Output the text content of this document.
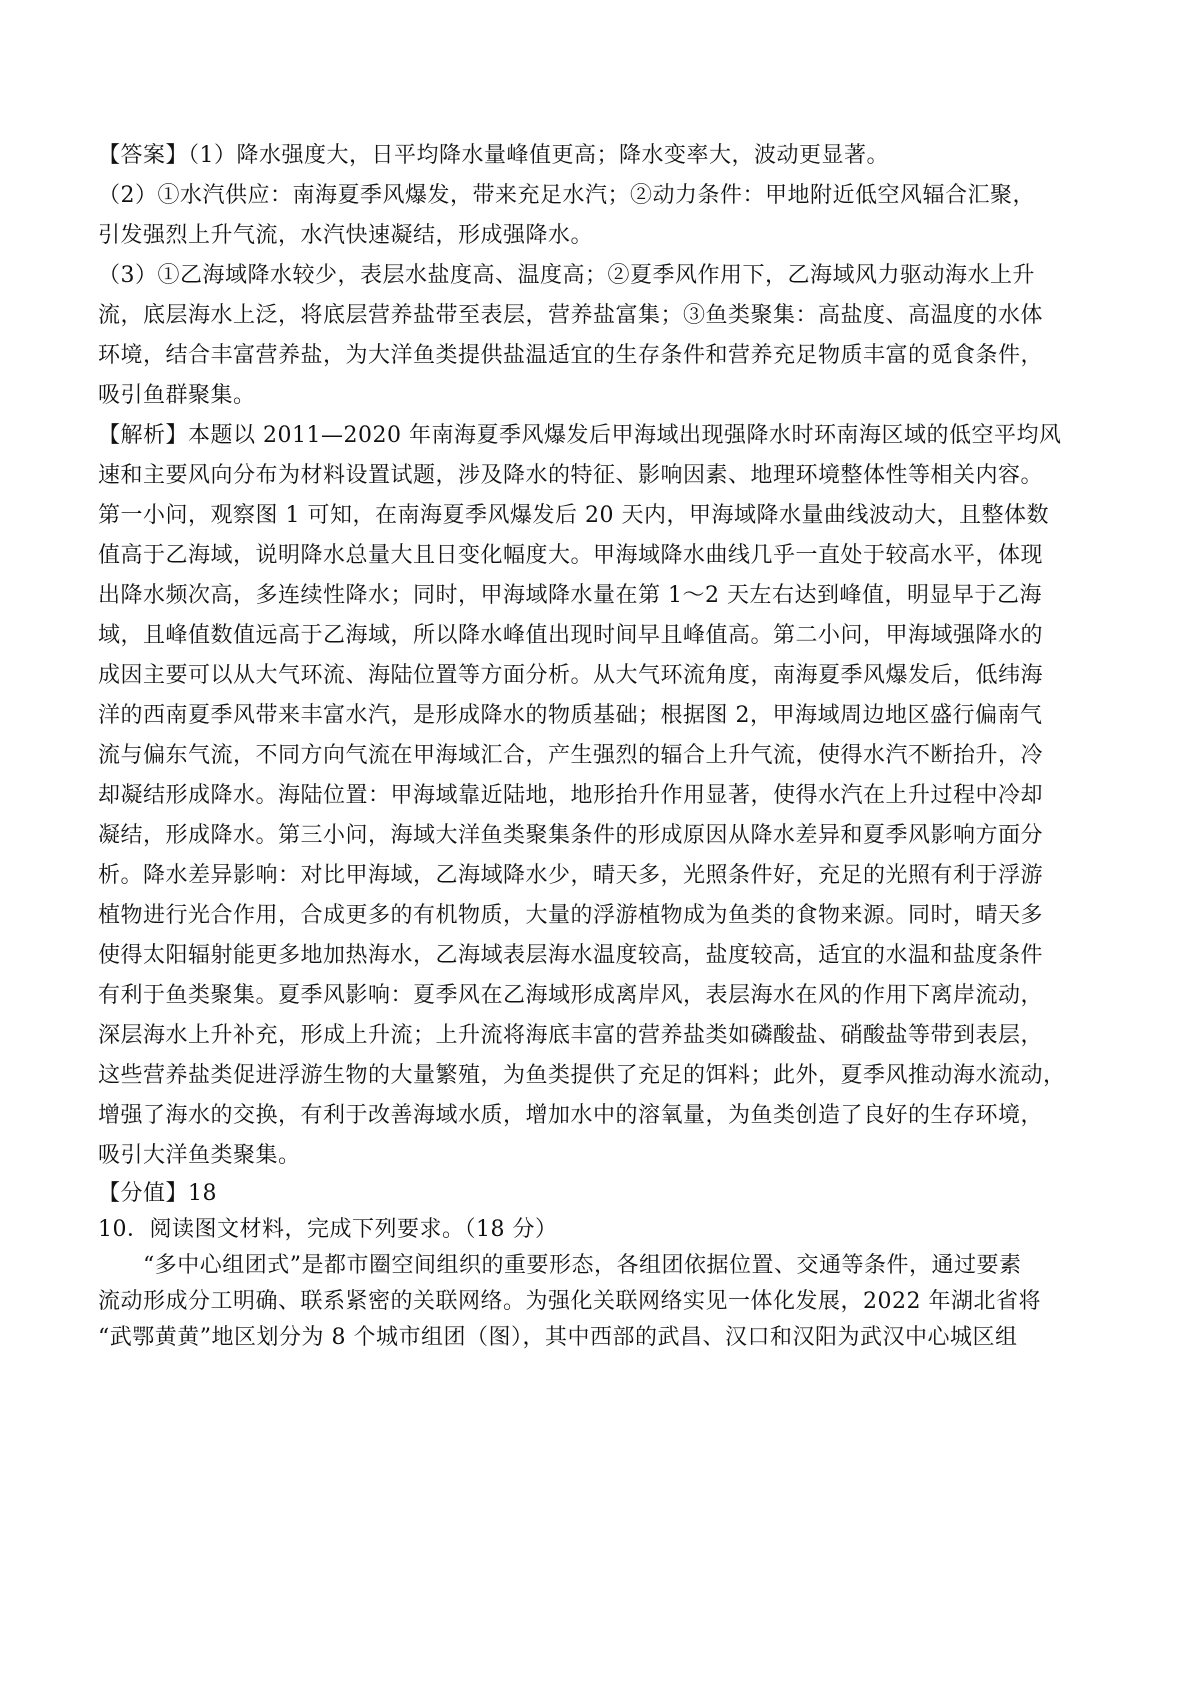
【答案】（1）降水强度大，日平均降水量峰值更高；降水变率大，波动更显著。
（2）①水汽供应：南海夏季风爆发，带来充足水汽；②动力条件：甲地附近低空风辐合汇聚，
引发强烈上升气流，水汽快速凝结，形成强降水。
（3）①乙海域降水较少，表层水盐度高、温度高；②夏季风作用下，乙海域风力驱动海水上升
流，底层海水上泛，将底层营养盐带至表层，营养盐富集；③鱼类聚集：高盐度、高温度的水体
环境，结合丰富营养盐，为大洋鱼类提供盐温适宜的生存条件和营养充足物质丰富的觅食条件，
吸引鱼群聚集。
【解析】本题以 2011—2020 年南海夏季风爆发后甲海域出现强降水时环南海区域的低空平均风
速和主要风向分布为材料设置试题，涉及降水的特征、影响因素、地理环境整体性等相关内容。
第一小问，观察图 1 可知，在南海夏季风爆发后 20 天内，甲海域降水量曲线波动大，且整体数
值高于乙海域，说明降水总量大且日变化幅度大。甲海域降水曲线几乎一直处于较高水平，体现
出降水频次高，多连续性降水；同时，甲海域降水量在第 1～2 天左右达到峰值，明显早于乙海
域，且峰值数值远高于乙海域，所以降水峰值出现时间早且峰值高。第二小问，甲海域强降水的
成因主要可以从大气环流、海陆位置等方面分析。从大气环流角度，南海夏季风爆发后，低纬海
洋的西南夏季风带来丰富水汽，是形成降水的物质基础；根据图 2，甲海域周边地区盛行偏南气
流与偏东气流，不同方向气流在甲海域汇合，产生强烈的辐合上升气流，使得水汽不断抬升，冷
却凝结形成降水。海陆位置：甲海域靠近陆地，地形抬升作用显著，使得水汽在上升过程中冷却
凝结，形成降水。第三小问，海域大洋鱼类聚集条件的形成原因从降水差异和夏季风影响方面分
析。降水差异影响：对比甲海域，乙海域降水少，晴天多，光照条件好，充足的光照有利于浮游
植物进行光合作用，合成更多的有机物质，大量的浮游植物成为鱼类的食物来源。同时，晴天多
使得太阳辐射能更多地加热海水，乙海域表层海水温度较高，盐度较高，适宜的水温和盐度条件
有利于鱼类聚集。夏季风影响：夏季风在乙海域形成离岸风，表层海水在风的作用下离岸流动，
深层海水上升补充，形成上升流；上升流将海底丰富的营养盐类如磷酸盐、硝酸盐等带到表层，
这些营养盐类促进浮游生物的大量繁殖，为鱼类提供了充足的饵料；此外，夏季风推动海水流动，
增强了海水的交换，有利于改善海域水质，增加水中的溶氧量，为鱼类创造了良好的生存环境，
吸引大洋鱼类聚集。
【分值】18
10．阅读图文材料，完成下列要求。（18 分）
　　“多中心组团式”是都市圈空间组织的重要形态，各组团依据位置、交通等条件，通过要素
流动形成分工明确、联系紧密的关联网络。为强化关联网络实见一体化发展，2022 年湖北省将
“武鄂黄黄”地区划分为 8 个城市组团（图），其中西部的武昌、汉口和汉阳为武汉中心城区组
